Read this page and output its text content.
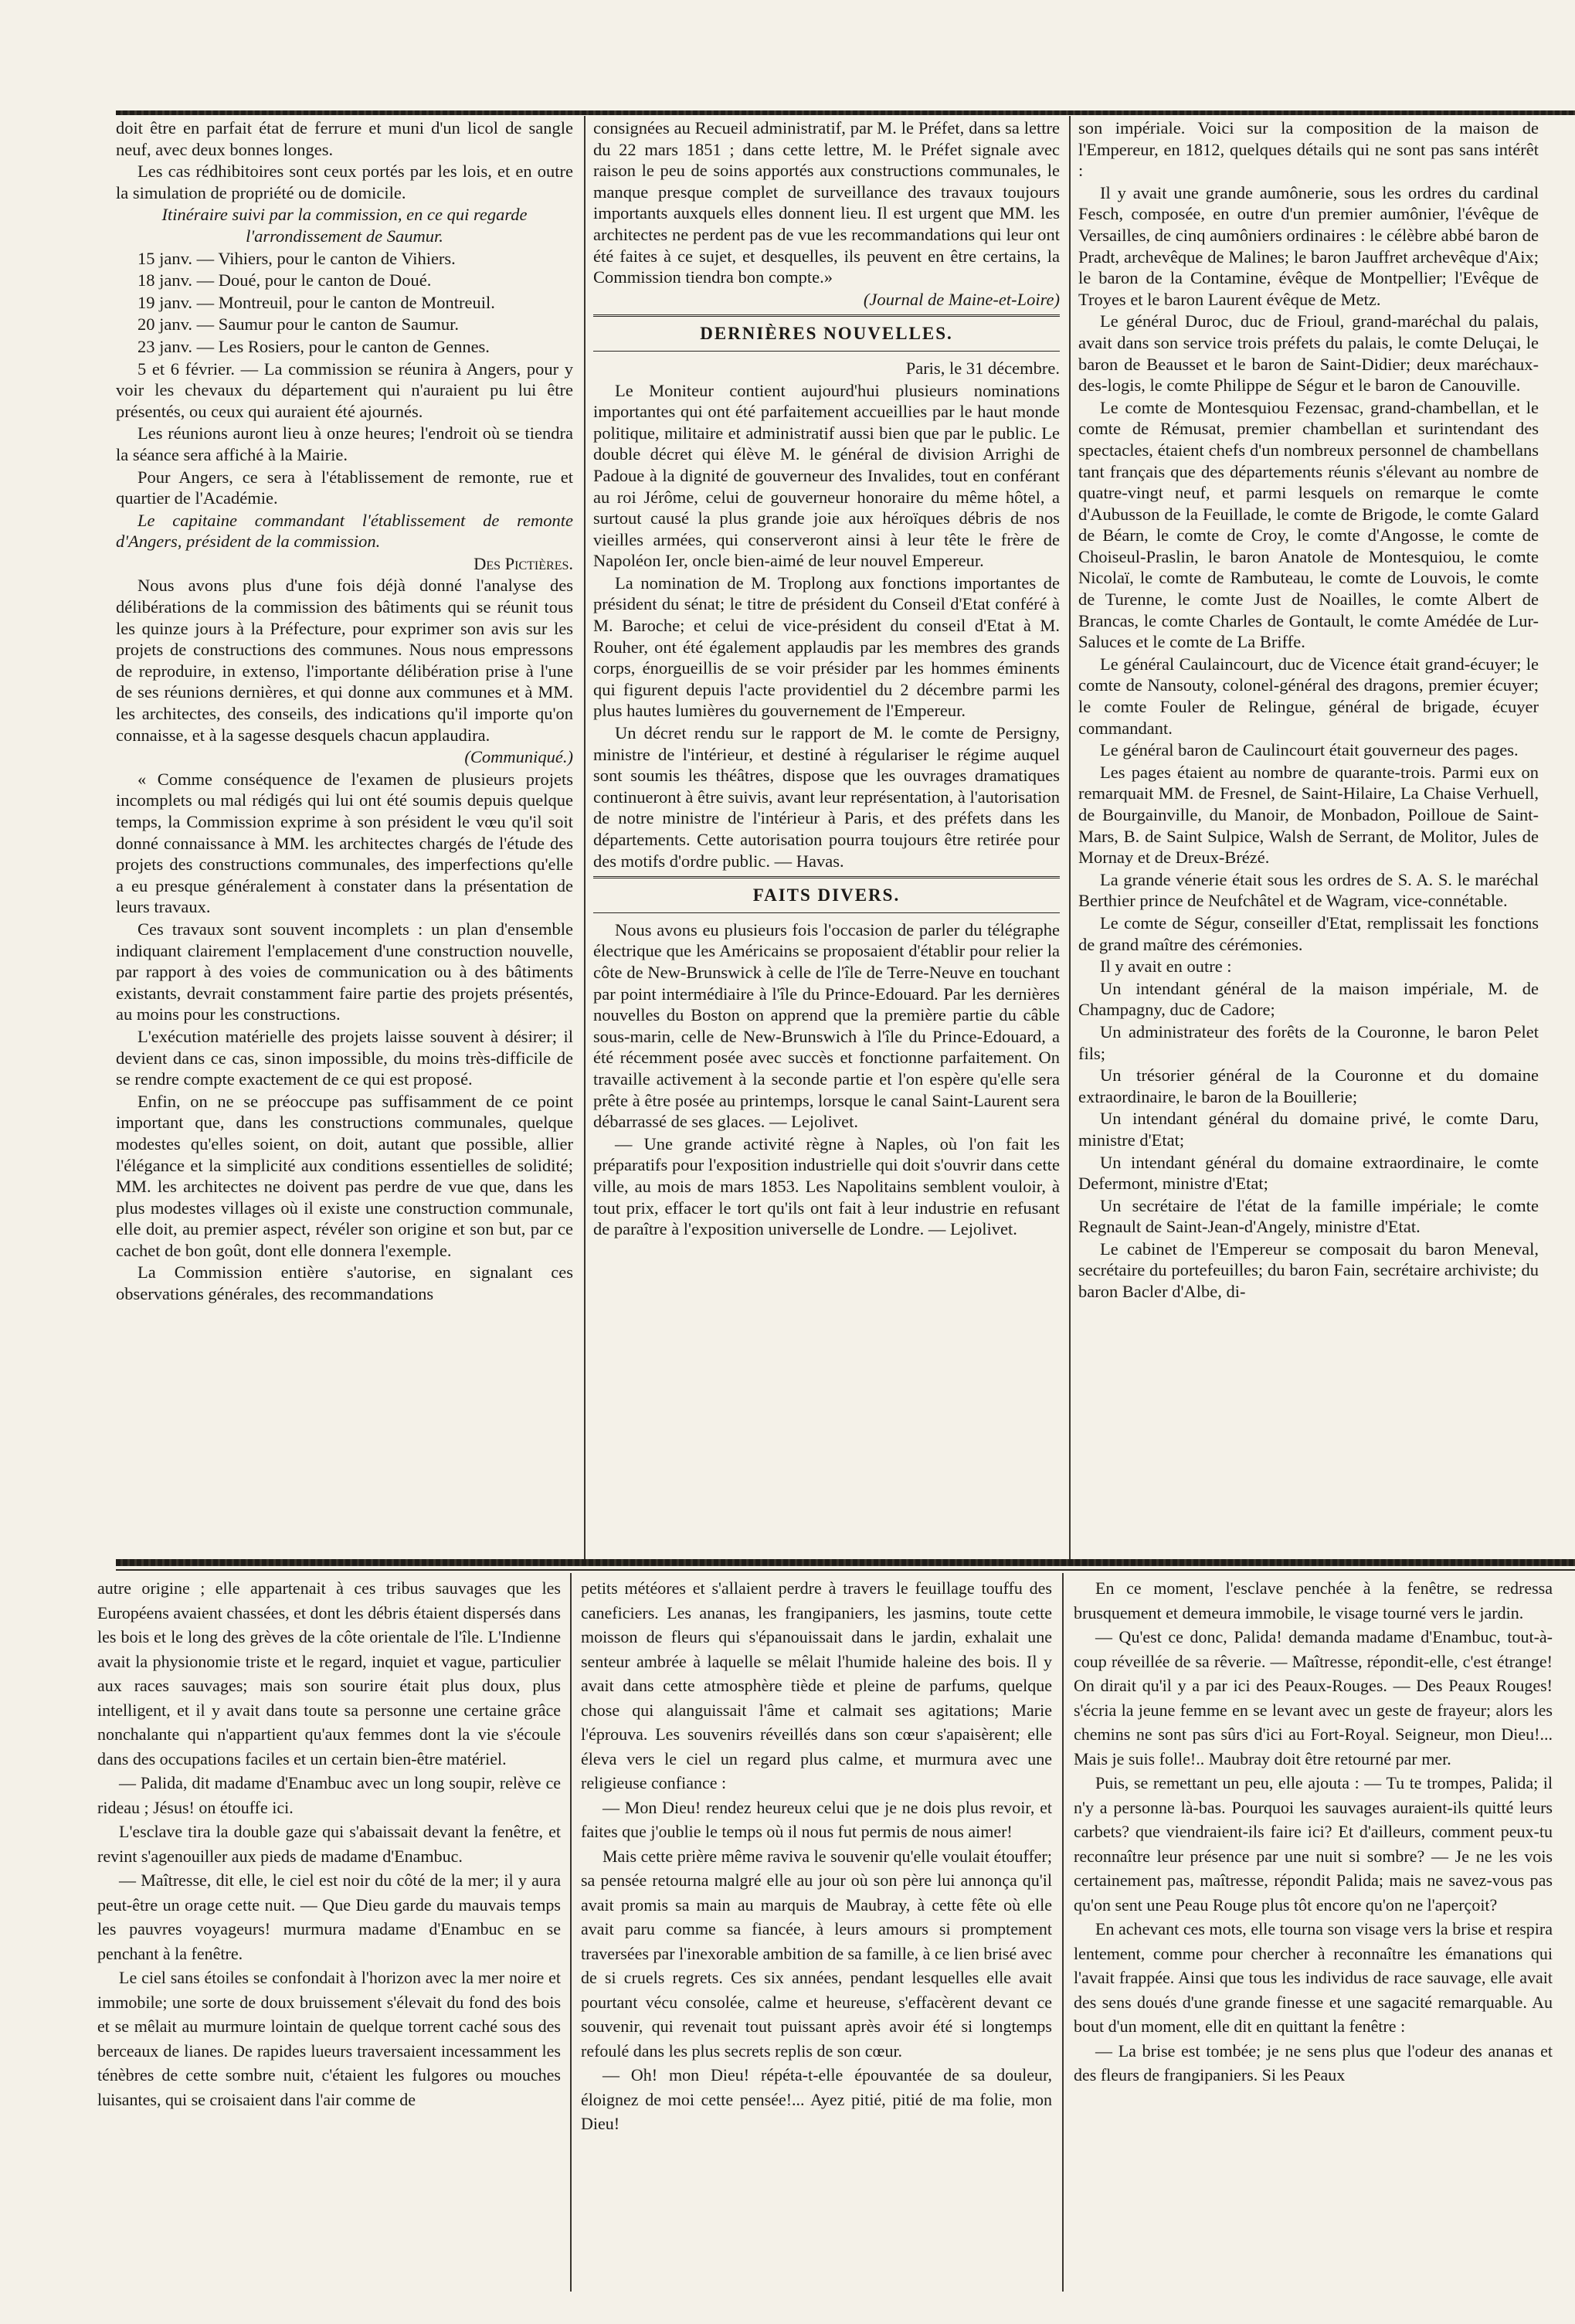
doit être en parfait état de ferrure et muni d'un licol de sangle neuf, avec deux bonnes longes.

Les cas rédhibitoires sont ceux portés par les lois, et en outre la simulation de propriété ou de domicile.

Itinéraire suivi par la commission, en ce qui regarde l'arrondissement de Saumur.

15 janv. — Vihiers, pour le canton de Vihiers.

18 janv. — Doué, pour le canton de Doué.

19 janv. — Montreuil, pour le canton de Montreuil.

20 janv. — Saumur pour le canton de Saumur.

23 janv. — Les Rosiers, pour le canton de Gennes.

5 et 6 février. — La commission se réunira à Angers, pour y voir les chevaux du département qui n'auraient pu lui être présentés, ou ceux qui auraient été ajournés.

Les réunions auront lieu à onze heures; l'endroit où se tiendra la séance sera affiché à la Mairie.

Pour Angers, ce sera à l'établissement de remonte, rue et quartier de l'Académie.

Le capitaine commandant l'établissement de remonte d'Angers, président de la commission.

Des Pictières.

Nous avons plus d'une fois déjà donné l'analyse des délibérations de la commission des bâtiments qui se réunit tous les quinze jours à la Préfecture, pour exprimer son avis sur les projets de constructions des communes. Nous nous empressons de reproduire, in extenso, l'importante délibération prise à l'une de ses réunions dernières, et qui donne aux communes et à MM. les architectes, des conseils, des indications qu'il importe qu'on connaisse, et à la sagesse desquels chacun applaudira.

(Communiqué.)

« Comme conséquence de l'examen de plusieurs projets incomplets ou mal rédigés qui lui ont été soumis depuis quelque temps, la Commission exprime à son président le vœu qu'il soit donné connaissance à MM. les architectes chargés de l'étude des projets des constructions communales, des imperfections qu'elle a eu presque généralement à constater dans la présentation de leurs travaux.

Ces travaux sont souvent incomplets : un plan d'ensemble indiquant clairement l'emplacement d'une construction nouvelle, par rapport à des voies de communication ou à des bâtiments existants, devrait constamment faire partie des projets présentés, au moins pour les constructions.

L'exécution matérielle des projets laisse souvent à désirer; il devient dans ce cas, sinon impossible, du moins très-difficile de se rendre compte exactement de ce qui est proposé.

Enfin, on ne se préoccupe pas suffisamment de ce point important que, dans les constructions communales, quelque modestes qu'elles soient, on doit, autant que possible, allier l'élégance et la simplicité aux conditions essentielles de solidité; MM. les architectes ne doivent pas perdre de vue que, dans les plus modestes villages où il existe une construction communale, elle doit, au premier aspect, révéler son origine et son but, par ce cachet de bon goût, dont elle donnera l'exemple.

La Commission entière s'autorise, en signalant ces observations générales, des recommandations

consignées au Recueil administratif, par M. le Préfet, dans sa lettre du 22 mars 1851 ; dans cette lettre, M. le Préfet signale avec raison le peu de soins apportés aux constructions communales, le manque presque complet de surveillance des travaux toujours importants auxquels elles donnent lieu. Il est urgent que MM. les architectes ne perdent pas de vue les recommandations qui leur ont été faites à ce sujet, et desquelles, ils peuvent en être certains, la Commission tiendra bon compte.»

(Journal de Maine-et-Loire)

DERNIÈRES NOUVELLES.

Paris, le 31 décembre.

Le Moniteur contient aujourd'hui plusieurs nominations importantes qui ont été parfaitement accueillies par le haut monde politique, militaire et administratif aussi bien que par le public. Le double décret qui élève M. le général de division Arrighi de Padoue à la dignité de gouverneur des Invalides, tout en conférant au roi Jérôme, celui de gouverneur honoraire du même hôtel, a surtout causé la plus grande joie aux héroïques débris de nos vieilles armées, qui conserveront ainsi à leur tête le frère de Napoléon Ier, oncle bien-aimé de leur nouvel Empereur.

La nomination de M. Troplong aux fonctions importantes de président du sénat; le titre de président du Conseil d'Etat conféré à M. Baroche; et celui de vice-président du conseil d'Etat à M. Rouher, ont été également applaudis par les membres des grands corps, énorgueillis de se voir présider par les hommes éminents qui figurent depuis l'acte providentiel du 2 décembre parmi les plus hautes lumières du gouvernement de l'Empereur.

Un décret rendu sur le rapport de M. le comte de Persigny, ministre de l'intérieur, et destiné à régulariser le régime auquel sont soumis les théâtres, dispose que les ouvrages dramatiques continueront à être suivis, avant leur représentation, à l'autorisation de notre ministre de l'intérieur à Paris, et des préfets dans les départements. Cette autorisation pourra toujours être retirée pour des motifs d'ordre public. — Havas.

FAITS DIVERS.

Nous avons eu plusieurs fois l'occasion de parler du télégraphe électrique que les Américains se proposaient d'établir pour relier la côte de New-Brunswick à celle de l'île de Terre-Neuve en touchant par point intermédiaire à l'île du Prince-Edouard. Par les dernières nouvelles du Boston on apprend que la première partie du câble sous-marin, celle de New-Brunswich à l'île du Prince-Edouard, a été récemment posée avec succès et fonctionne parfaitement. On travaille activement à la seconde partie et l'on espère qu'elle sera prête à être posée au printemps, lorsque le canal Saint-Laurent sera débarrassé de ses glaces. — Lejolivet.

— Une grande activité règne à Naples, où l'on fait les préparatifs pour l'exposition industrielle qui doit s'ouvrir dans cette ville, au mois de mars 1853. Les Napolitains semblent vouloir, à tout prix, effacer le tort qu'ils ont fait à leur industrie en refusant de paraître à l'exposition universelle de Londre. — Lejolivet.

son impériale. Voici sur la composition de la maison de l'Empereur, en 1812, quelques détails qui ne sont pas sans intérêt :

Il y avait une grande aumônerie, sous les ordres du cardinal Fesch, composée, en outre d'un premier aumônier, l'évêque de Versailles, de cinq aumôniers ordinaires : le célèbre abbé baron de Pradt, archevêque de Malines; le baron Jauffret archevêque d'Aix; le baron de la Contamine, évêque de Montpellier; l'Evêque de Troyes et le baron Laurent évêque de Metz.

Le général Duroc, duc de Frioul, grand-maréchal du palais, avait dans son service trois préfets du palais, le comte Deluçai, le baron de Beausset et le baron de Saint-Didier; deux maréchaux-des-logis, le comte Philippe de Ségur et le baron de Canouville.

Le comte de Montesquiou Fezensac, grand-chambellan, et le comte de Rémusat, premier chambellan et surintendant des spectacles, étaient chefs d'un nombreux personnel de chambellans tant français que des départements réunis s'élevant au nombre de quatre-vingt neuf, et parmi lesquels on remarque le comte d'Aubusson de la Feuillade, le comte de Brigode, le comte Galard de Béarn, le comte de Croy, le comte d'Angosse, le comte de Choiseul-Praslin, le baron Anatole de Montesquiou, le comte Nicolaï, le comte de Rambuteau, le comte de Louvois, le comte de Turenne, le comte Just de Noailles, le comte Albert de Brancas, le comte Charles de Gontault, le comte Amédée de Lur-Saluces et le comte de La Briffe.

Le général Caulaincourt, duc de Vicence était grand-écuyer; le comte de Nansouty, colonel-général des dragons, premier écuyer; le comte Fouler de Relingue, général de brigade, écuyer commandant.

Le général baron de Caulincourt était gouverneur des pages.

Les pages étaient au nombre de quarante-trois. Parmi eux on remarquait MM. de Fresnel, de Saint-Hilaire, La Chaise Verhuell, de Bourgainville, du Manoir, de Monbadon, Poilloue de Saint-Mars, B. de Saint Sulpice, Walsh de Serrant, de Molitor, Jules de Mornay et de Dreux-Brézé.

La grande vénerie était sous les ordres de S. A. S. le maréchal Berthier prince de Neufchâtel et de Wagram, vice-connétable.

Le comte de Ségur, conseiller d'Etat, remplissait les fonctions de grand maître des cérémonies.

Il y avait en outre :

Un intendant général de la maison impériale, M. de Champagny, duc de Cadore;

Un administrateur des forêts de la Couronne, le baron Pelet fils;

Un trésorier général de la Couronne et du domaine extraordinaire, le baron de la Bouillerie;

Un intendant général du domaine privé, le comte Daru, ministre d'Etat;

Un intendant général du domaine extraordinaire, le comte Defermont, ministre d'Etat;

Un secrétaire de l'état de la famille impériale; le comte Regnault de Saint-Jean-d'Angely, ministre d'Etat.

Le cabinet de l'Empereur se composait du baron Meneval, secrétaire du portefeuilles; du baron Fain, secrétaire archiviste; du baron Bacler d'Albe, di-

autre origine ; elle appartenait à ces tribus sauvages que les Européens avaient chassées, et dont les débris étaient dispersés dans les bois et le long des grèves de la côte orientale de l'île. L'Indienne avait la physionomie triste et le regard, inquiet et vague, particulier aux races sauvages; mais son sourire était plus doux, plus intelligent, et il y avait dans toute sa personne une certaine grâce nonchalante qui n'appartient qu'aux femmes dont la vie s'écoule dans des occupations faciles et un certain bien-être matériel.

— Palida, dit madame d'Enambuc avec un long soupir, relève ce rideau ; Jésus! on étouffe ici.

L'esclave tira la double gaze qui s'abaissait devant la fenêtre, et revint s'agenouiller aux pieds de madame d'Enambuc.

— Maîtresse, dit elle, le ciel est noir du côté de la mer; il y aura peut-être un orage cette nuit. — Que Dieu garde du mauvais temps les pauvres voyageurs! murmura madame d'Enambuc en se penchant à la fenêtre.

Le ciel sans étoiles se confondait à l'horizon avec la mer noire et immobile; une sorte de doux bruissement s'élevait du fond des bois et se mêlait au murmure lointain de quelque torrent caché sous des berceaux de lianes. De rapides lueurs traversaient incessamment les ténèbres de cette sombre nuit, c'étaient les fulgores ou mouches luisantes, qui se croisaient dans l'air comme de

petits météores et s'allaient perdre à travers le feuillage touffu des caneficiers. Les ananas, les frangipaniers, les jasmins, toute cette moisson de fleurs qui s'épanouissait dans le jardin, exhalait une senteur ambrée à laquelle se mêlait l'humide haleine des bois. Il y avait dans cette atmosphère tiède et pleine de parfums, quelque chose qui alanguissait l'âme et calmait ses agitations; Marie l'éprouva. Les souvenirs réveillés dans son cœur s'apaisèrent; elle éleva vers le ciel un regard plus calme, et murmura avec une religieuse confiance :

— Mon Dieu! rendez heureux celui que je ne dois plus revoir, et faites que j'oublie le temps où il nous fut permis de nous aimer!

Mais cette prière même raviva le souvenir qu'elle voulait étouffer; sa pensée retourna malgré elle au jour où son père lui annonça qu'il avait promis sa main au marquis de Maubray, à cette fête où elle avait paru comme sa fiancée, à leurs amours si promptement traversées par l'inexorable ambition de sa famille, à ce lien brisé avec de si cruels regrets. Ces six années, pendant lesquelles elle avait pourtant vécu consolée, calme et heureuse, s'effacèrent devant ce souvenir, qui revenait tout puissant après avoir été si longtemps refoulé dans les plus secrets replis de son cœur.

— Oh! mon Dieu! répéta-t-elle épouvantée de sa douleur, éloignez de moi cette pensée!... Ayez pitié, pitié de ma folie, mon Dieu!

En ce moment, l'esclave penchée à la fenêtre, se redressa brusquement et demeura immobile, le visage tourné vers le jardin.

— Qu'est ce donc, Palida! demanda madame d'Enambuc, tout-à-coup réveillée de sa rêverie. — Maîtresse, répondit-elle, c'est étrange! On dirait qu'il y a par ici des Peaux-Rouges. — Des Peaux Rouges! s'écria la jeune femme en se levant avec un geste de frayeur; alors les chemins ne sont pas sûrs d'ici au Fort-Royal. Seigneur, mon Dieu!... Mais je suis folle!.. Maubray doit être retourné par mer.

Puis, se remettant un peu, elle ajouta : — Tu te trompes, Palida; il n'y a personne là-bas. Pourquoi les sauvages auraient-ils quitté leurs carbets? que viendraient-ils faire ici? Et d'ailleurs, comment peux-tu reconnaître leur présence par une nuit si sombre? — Je ne les vois certainement pas, maîtresse, répondit Palida; mais ne savez-vous pas qu'on sent une Peau Rouge plus tôt encore qu'on ne l'aperçoit?

En achevant ces mots, elle tourna son visage vers la brise et respira lentement, comme pour chercher à reconnaître les émanations qui l'avait frappée. Ainsi que tous les individus de race sauvage, elle avait des sens doués d'une grande finesse et une sagacité remarquable. Au bout d'un moment, elle dit en quittant la fenêtre :

— La brise est tombée; je ne sens plus que l'odeur des ananas et des fleurs de frangipaniers. Si les Peaux
